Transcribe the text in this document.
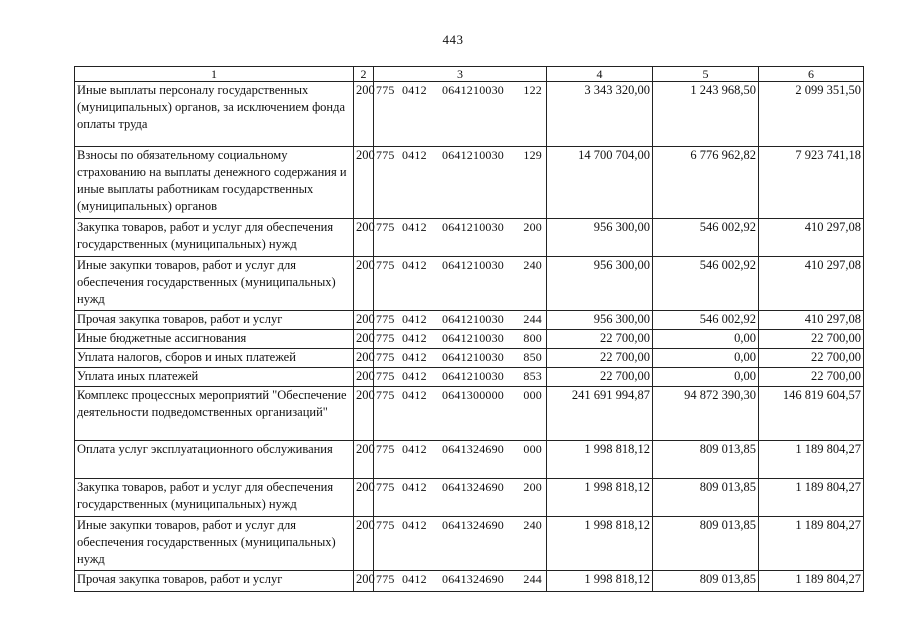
443
1	2	3	4	5	6
Иные выплаты персоналу государственных (муниципальных) органов, за исключением фонда оплаты труда	200	775 0412 0641210030 122	3 343 320,00	1 243 968,50	2 099 351,50
Взносы по обязательному социальному страхованию на выплаты денежного содержания и иные выплаты работникам государственных (муниципальных) органов	200	775 0412 0641210030 129	14 700 704,00	6 776 962,82	7 923 741,18
Закупка товаров, работ и услуг для обеспечения государственных (муниципальных) нужд	200	775 0412 0641210030 200	956 300,00	546 002,92	410 297,08
Иные закупки товаров, работ и услуг для обеспечения государственных (муниципальных) нужд	200	775 0412 0641210030 240	956 300,00	546 002,92	410 297,08
Прочая закупка товаров, работ и услуг	200	775 0412 0641210030 244	956 300,00	546 002,92	410 297,08
Иные бюджетные ассигнования	200	775 0412 0641210030 800	22 700,00	0,00	22 700,00
Уплата налогов, сборов и иных платежей	200	775 0412 0641210030 850	22 700,00	0,00	22 700,00
Уплата иных платежей	200	775 0412 0641210030 853	22 700,00	0,00	22 700,00
Комплекс процессных мероприятий "Обеспечение деятельности подведомственных организаций"	200	775 0412 0641300000 000	241 691 994,87	94 872 390,30	146 819 604,57
Оплата услуг эксплуатационного обслуживания	200	775 0412 0641324690 000	1 998 818,12	809 013,85	1 189 804,27
Закупка товаров, работ и услуг для обеспечения государственных (муниципальных) нужд	200	775 0412 0641324690 200	1 998 818,12	809 013,85	1 189 804,27
Иные закупки товаров, работ и услуг для обеспечения государственных (муниципальных) нужд	200	775 0412 0641324690 240	1 998 818,12	809 013,85	1 189 804,27
Прочая закупка товаров, работ и услуг	200	775 0412 0641324690 244	1 998 818,12	809 013,85	1 189 804,27
